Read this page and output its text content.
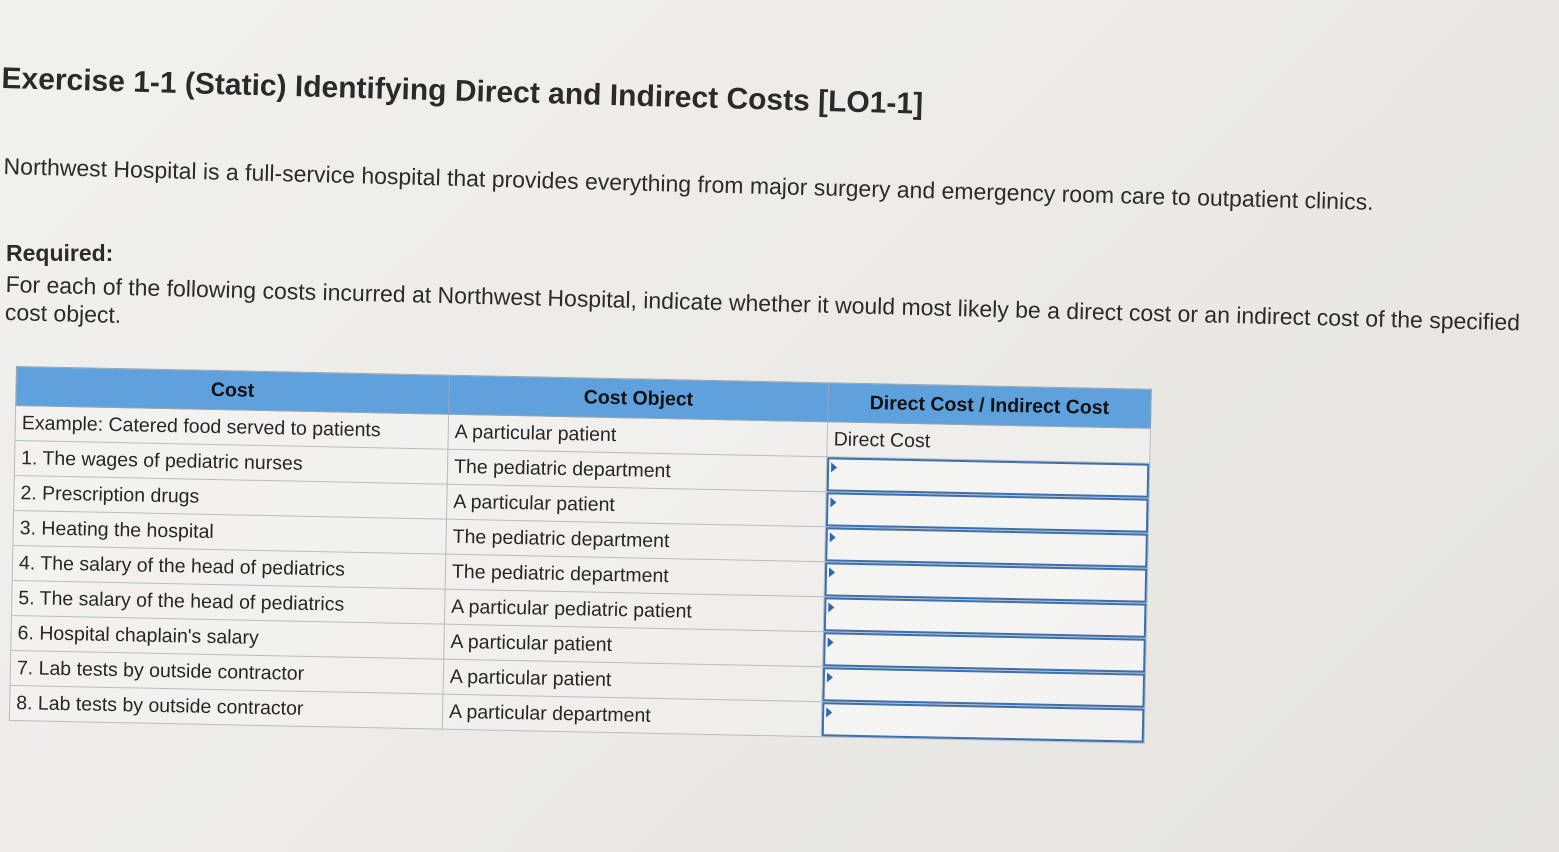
Exercise 1-1 (Static) Identifying Direct and Indirect Costs [LO1-1]
Northwest Hospital is a full-service hospital that provides everything from major surgery and emergency room care to outpatient clinics.
Required:
For each of the following costs incurred at Northwest Hospital, indicate whether it would most likely be a direct cost or an indirect cost of the specified cost object.
Cost	Cost Object	Direct Cost / Indirect Cost
Example: Catered food served to patients	A particular patient	Direct Cost
1. The wages of pediatric nurses	The pediatric department	

2. Prescription drugs	A particular patient	

3. Heating the hospital	The pediatric department	

4. The salary of the head of pediatrics	The pediatric department	

5. The salary of the head of pediatrics	A particular pediatric patient	

6. Hospital chaplain's salary	A particular patient	

7. Lab tests by outside contractor	A particular patient	

8. Lab tests by outside contractor	A particular department	
